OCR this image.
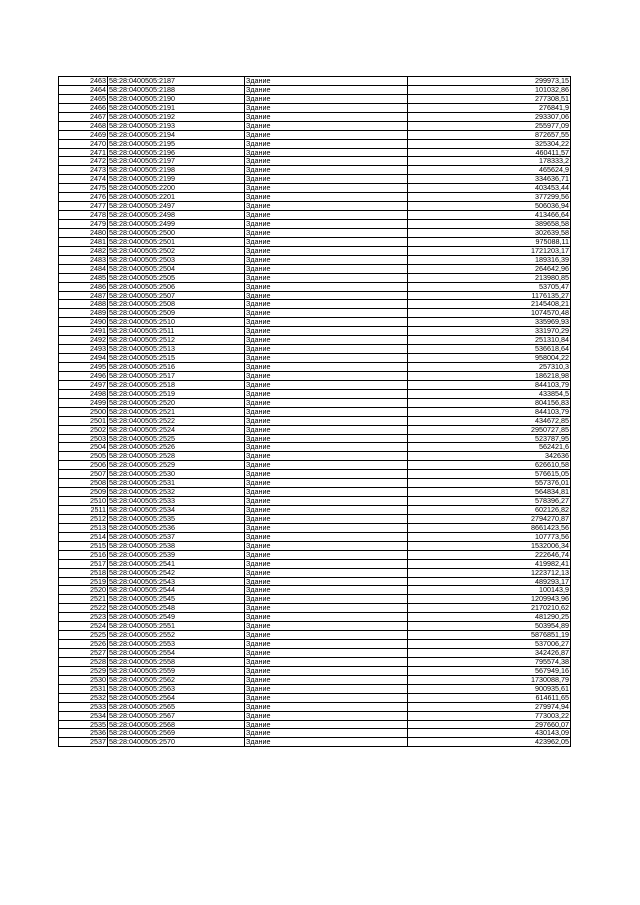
2463	58:28:0400505:2187	Здание	299973,15
2464	58:28:0400505:2188	Здание	101032,86
2465	58:28:0400505:2190	Здание	277308,51
2466	58:28:0400505:2191	Здание	276841,9
2467	58:28:0400505:2192	Здание	293307,06
2468	58:28:0400505:2193	Здание	255977,09
2469	58:28:0400505:2194	Здание	872657,55
2470	58:28:0400505:2195	Здание	325304,22
2471	58:28:0400505:2196	Здание	460411,57
2472	58:28:0400505:2197	Здание	178333,2
2473	58:28:0400505:2198	Здание	465624,9
2474	58:28:0400505:2199	Здание	334636,71
2475	58:28:0400505:2200	Здание	403453,44
2476	58:28:0400505:2201	Здание	377299,56
2477	58:28:0400505:2497	Здание	506036,94
2478	58:28:0400505:2498	Здание	413466,64
2479	58:28:0400505:2499	Здание	389658,58
2480	58:28:0400505:2500	Здание	302639,58
2481	58:28:0400505:2501	Здание	975088,11
2482	58:28:0400505:2502	Здание	1721203,17
2483	58:28:0400505:2503	Здание	189316,39
2484	58:28:0400505:2504	Здание	264642,96
2485	58:28:0400505:2505	Здание	213980,85
2486	58:28:0400505:2506	Здание	53705,47
2487	58:28:0400505:2507	Здание	1176135,27
2488	58:28:0400505:2508	Здание	2145408,21
2489	58:28:0400505:2509	Здание	1074570,48
2490	58:28:0400505:2510	Здание	335969,93
2491	58:28:0400505:2511	Здание	331970,29
2492	58:28:0400505:2512	Здание	251310,84
2493	58:28:0400505:2513	Здание	536618,64
2494	58:28:0400505:2515	Здание	958004,22
2495	58:28:0400505:2516	Здание	257310,3
2496	58:28:0400505:2517	Здание	186218,98
2497	58:28:0400505:2518	Здание	844103,79
2498	58:28:0400505:2519	Здание	433854,5
2499	58:28:0400505:2520	Здание	804156,83
2500	58:28:0400505:2521	Здание	844103,79
2501	58:28:0400505:2522	Здание	434672,85
2502	58:28:0400505:2524	Здание	2950727,85
2503	58:28:0400505:2525	Здание	523787,95
2504	58:28:0400505:2526	Здание	562421,6
2505	58:28:0400505:2528	Здание	342636
2506	58:28:0400505:2529	Здание	626610,58
2507	58:28:0400505:2530	Здание	576615,05
2508	58:28:0400505:2531	Здание	557376,01
2509	58:28:0400505:2532	Здание	564834,81
2510	58:28:0400505:2533	Здание	578396,27
2511	58:28:0400505:2534	Здание	602126,82
2512	58:28:0400505:2535	Здание	2794270,87
2513	58:28:0400505:2536	Здание	8661423,56
2514	58:28:0400505:2537	Здание	107773,56
2515	58:28:0400505:2538	Здание	1532006,34
2516	58:28:0400505:2539	Здание	222646,74
2517	58:28:0400505:2541	Здание	419982,41
2518	58:28:0400505:2542	Здание	1223712,13
2519	58:28:0400505:2543	Здание	489293,17
2520	58:28:0400505:2544	Здание	100143,9
2521	58:28:0400505:2545	Здание	1209943,96
2522	58:28:0400505:2548	Здание	2170210,62
2523	58:28:0400505:2549	Здание	481290,25
2524	58:28:0400505:2551	Здание	503954,89
2525	58:28:0400505:2552	Здание	5876851,19
2526	58:28:0400505:2553	Здание	537006,27
2527	58:28:0400505:2554	Здание	342426,87
2528	58:28:0400505:2558	Здание	795574,38
2529	58:28:0400505:2559	Здание	567949,16
2530	58:28:0400505:2562	Здание	1730088,79
2531	58:28:0400505:2563	Здание	900935,61
2532	58:28:0400505:2564	Здание	614611,65
2533	58:28:0400505:2565	Здание	279974,94
2534	58:28:0400505:2567	Здание	773003,22
2535	58:28:0400505:2568	Здание	297660,07
2536	58:28:0400505:2569	Здание	430143,09
2537	58:28:0400505:2570	Здание	423962,05
